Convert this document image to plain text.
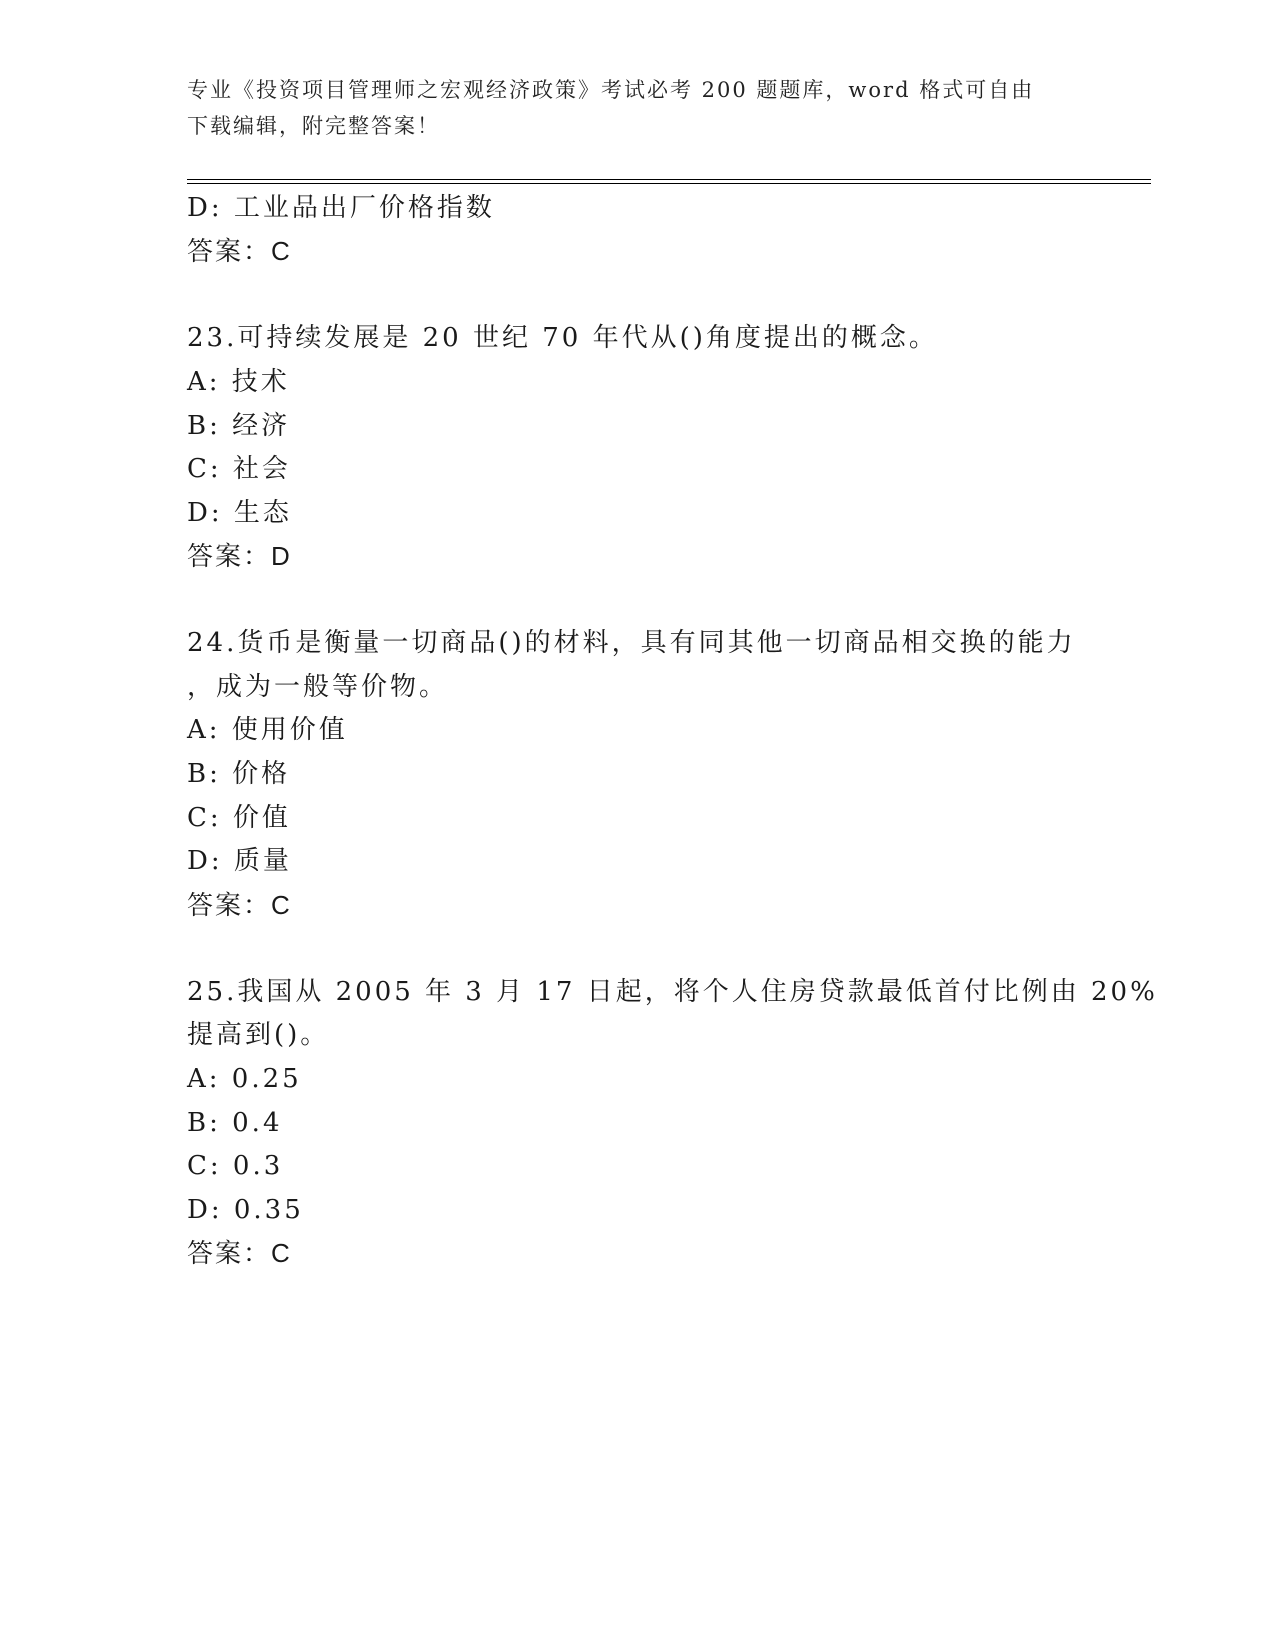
专业《投资项目管理师之宏观经济政策》考试必考 200 题题库，word 格式可自由
下载编辑，附完整答案！
D: 工业品出厂价格指数
答案：C
23.可持续发展是 20 世纪 70 年代从()角度提出的概念。
A: 技术
B: 经济
C: 社会
D: 生态
答案：D
24.货币是衡量一切商品()的材料，具有同其他一切商品相交换的能力
，成为一般等价物。
A: 使用价值
B: 价格
C: 价值
D: 质量
答案：C
25.我国从 2005 年 3 月 17 日起，将个人住房贷款最低首付比例由 20%
提高到()。
A: 0.25
B: 0.4
C: 0.3
D: 0.35
答案：C
